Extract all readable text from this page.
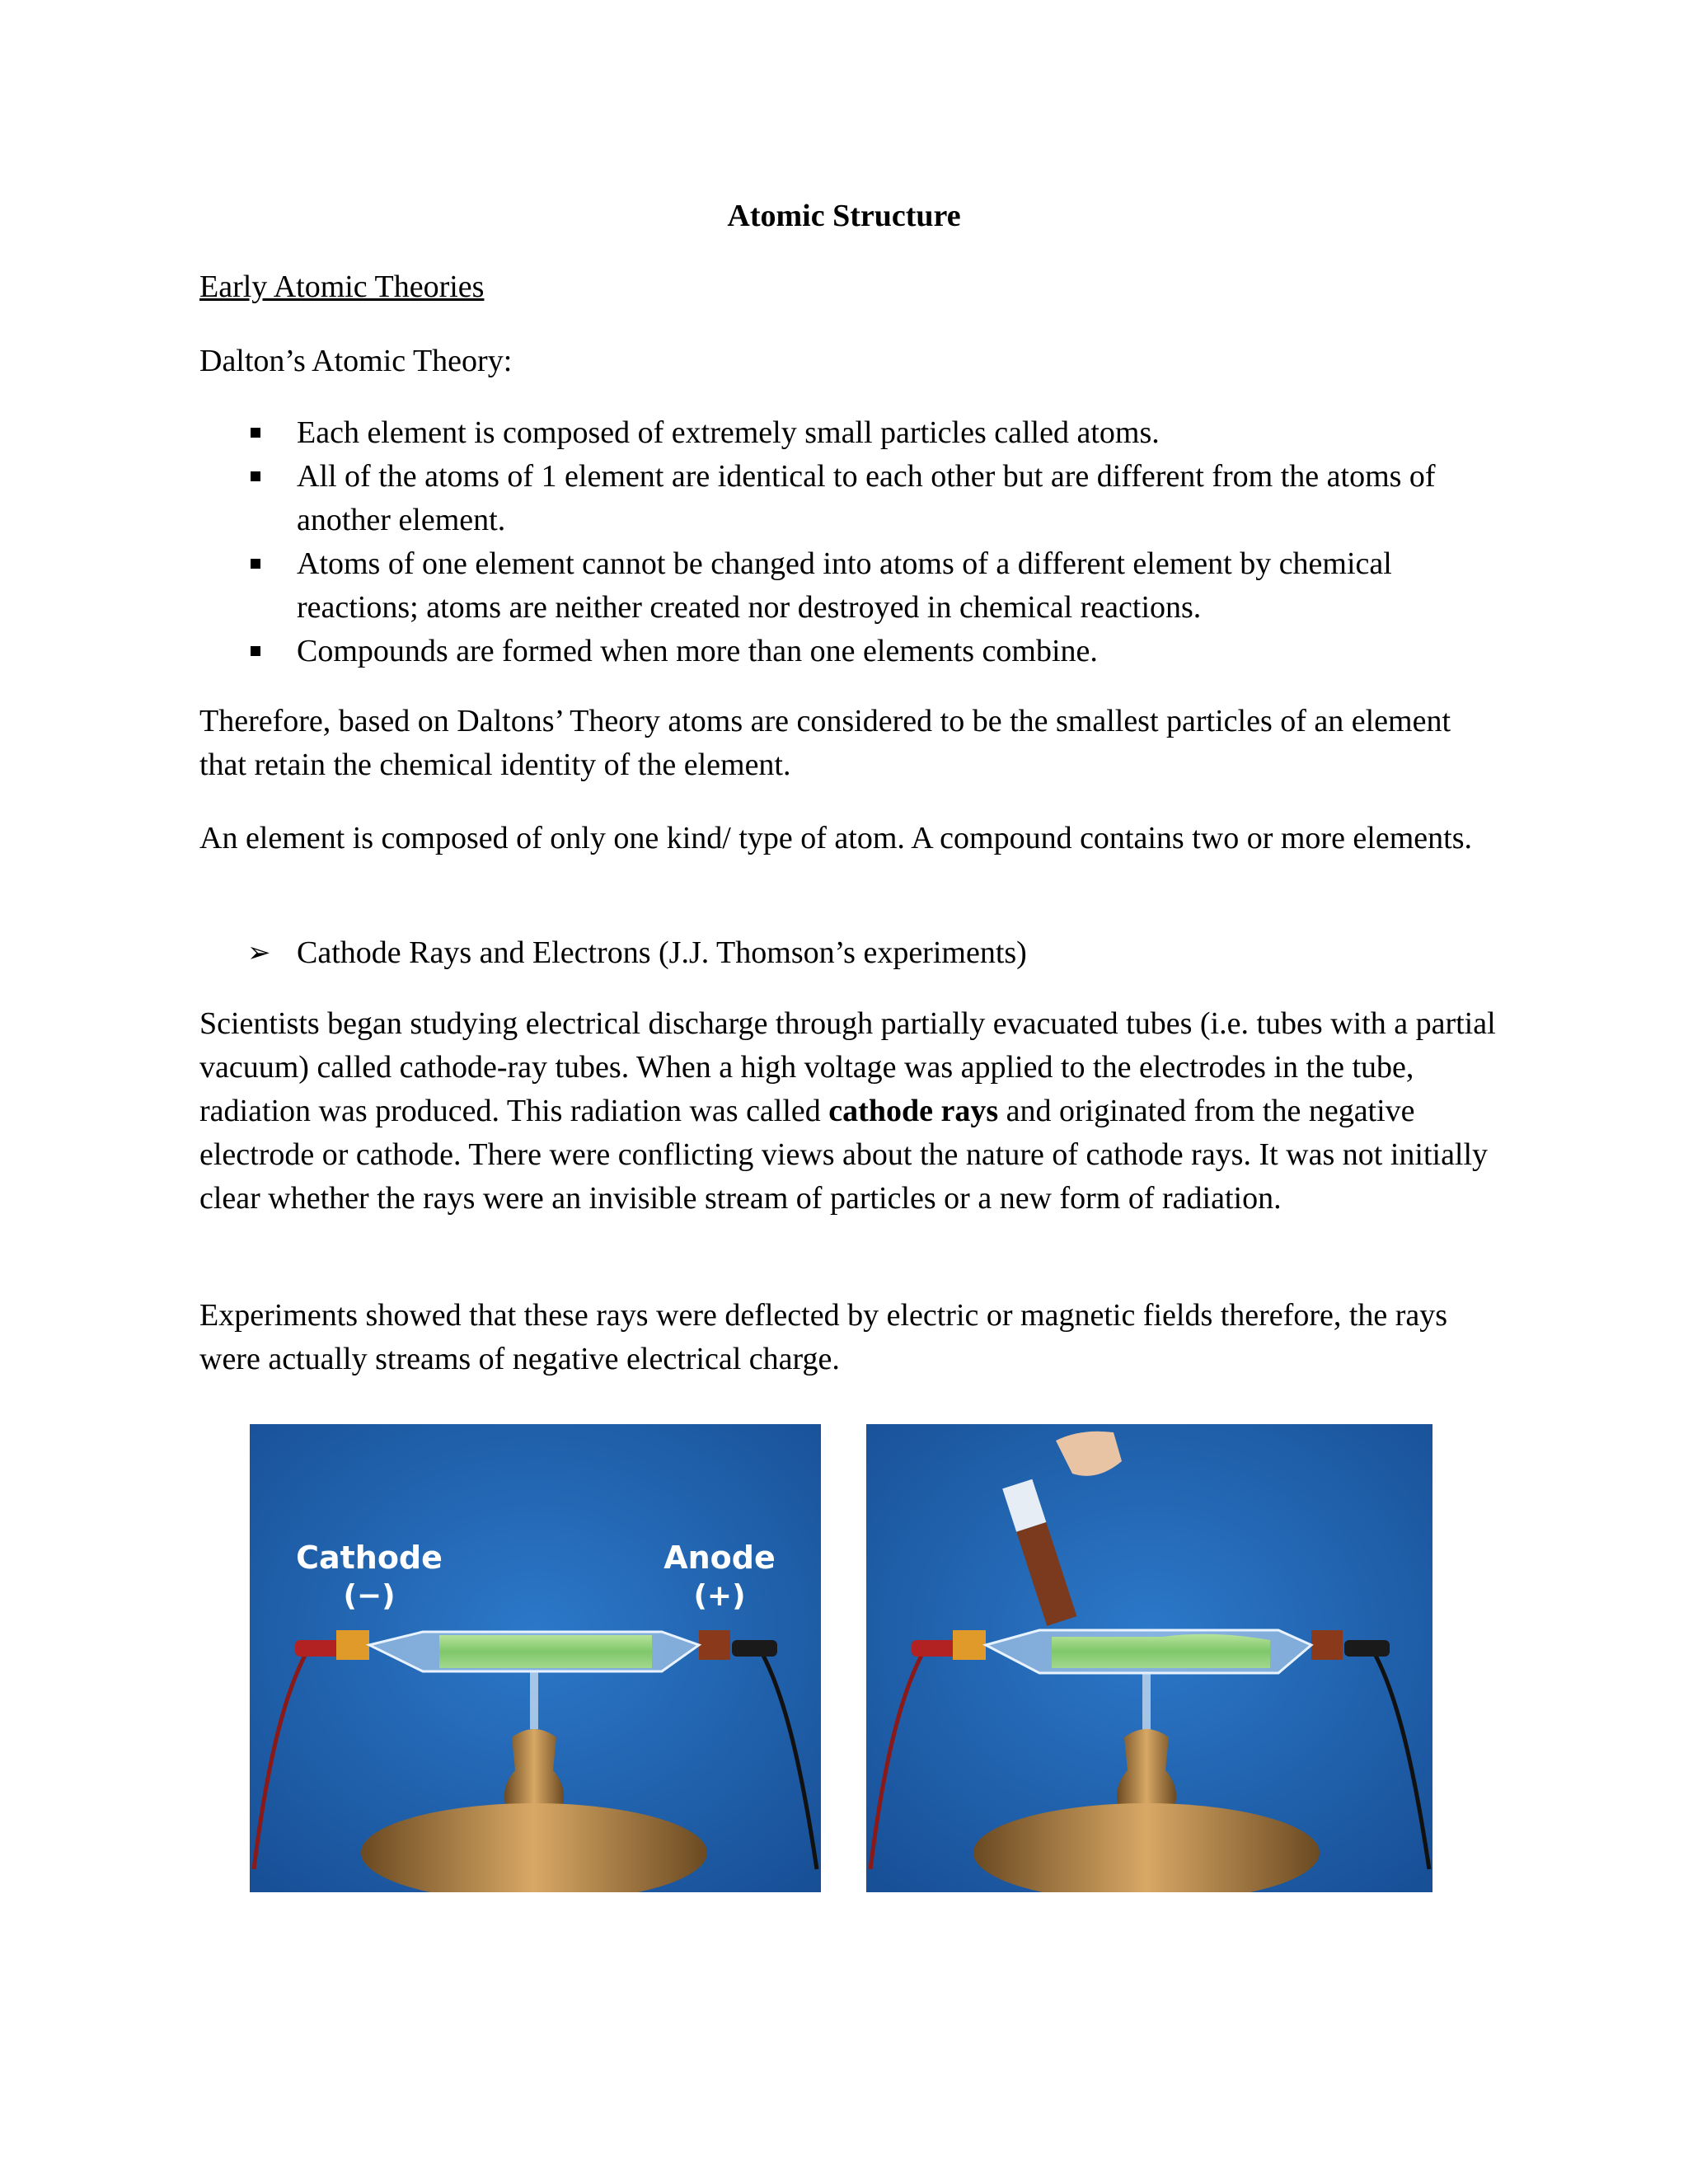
Atomic Structure
Early Atomic Theories
Dalton’s Atomic Theory:
Each element is composed of extremely small particles called atoms.
All of the atoms of 1 element are identical to each other but are different from the atoms of another element.
Atoms of one element cannot be changed into atoms of a different element by chemical reactions; atoms are neither created nor destroyed in chemical reactions.
Compounds are formed when more than one elements combine.
Therefore, based on Daltons’ Theory atoms are considered to be the smallest particles of an element that retain the chemical identity of the element.
An element is composed of only one kind/ type of atom. A compound contains two or more elements.
➢ Cathode Rays and Electrons (J.J. Thomson’s experiments)
Scientists began studying electrical discharge through partially evacuated tubes (i.e. tubes with a partial vacuum) called cathode-ray tubes. When a high voltage was applied to the electrodes in the tube, radiation was produced. This radiation was called cathode rays and originated from the negative electrode or cathode. There were conflicting views about the nature of cathode rays. It was not initially clear whether the rays were an invisible stream of particles or a new form of radiation.
Experiments showed that these rays were deflected by electric or magnetic fields therefore, the rays were actually streams of negative electrical charge.
Cathode
(−)
Anode
(+)
